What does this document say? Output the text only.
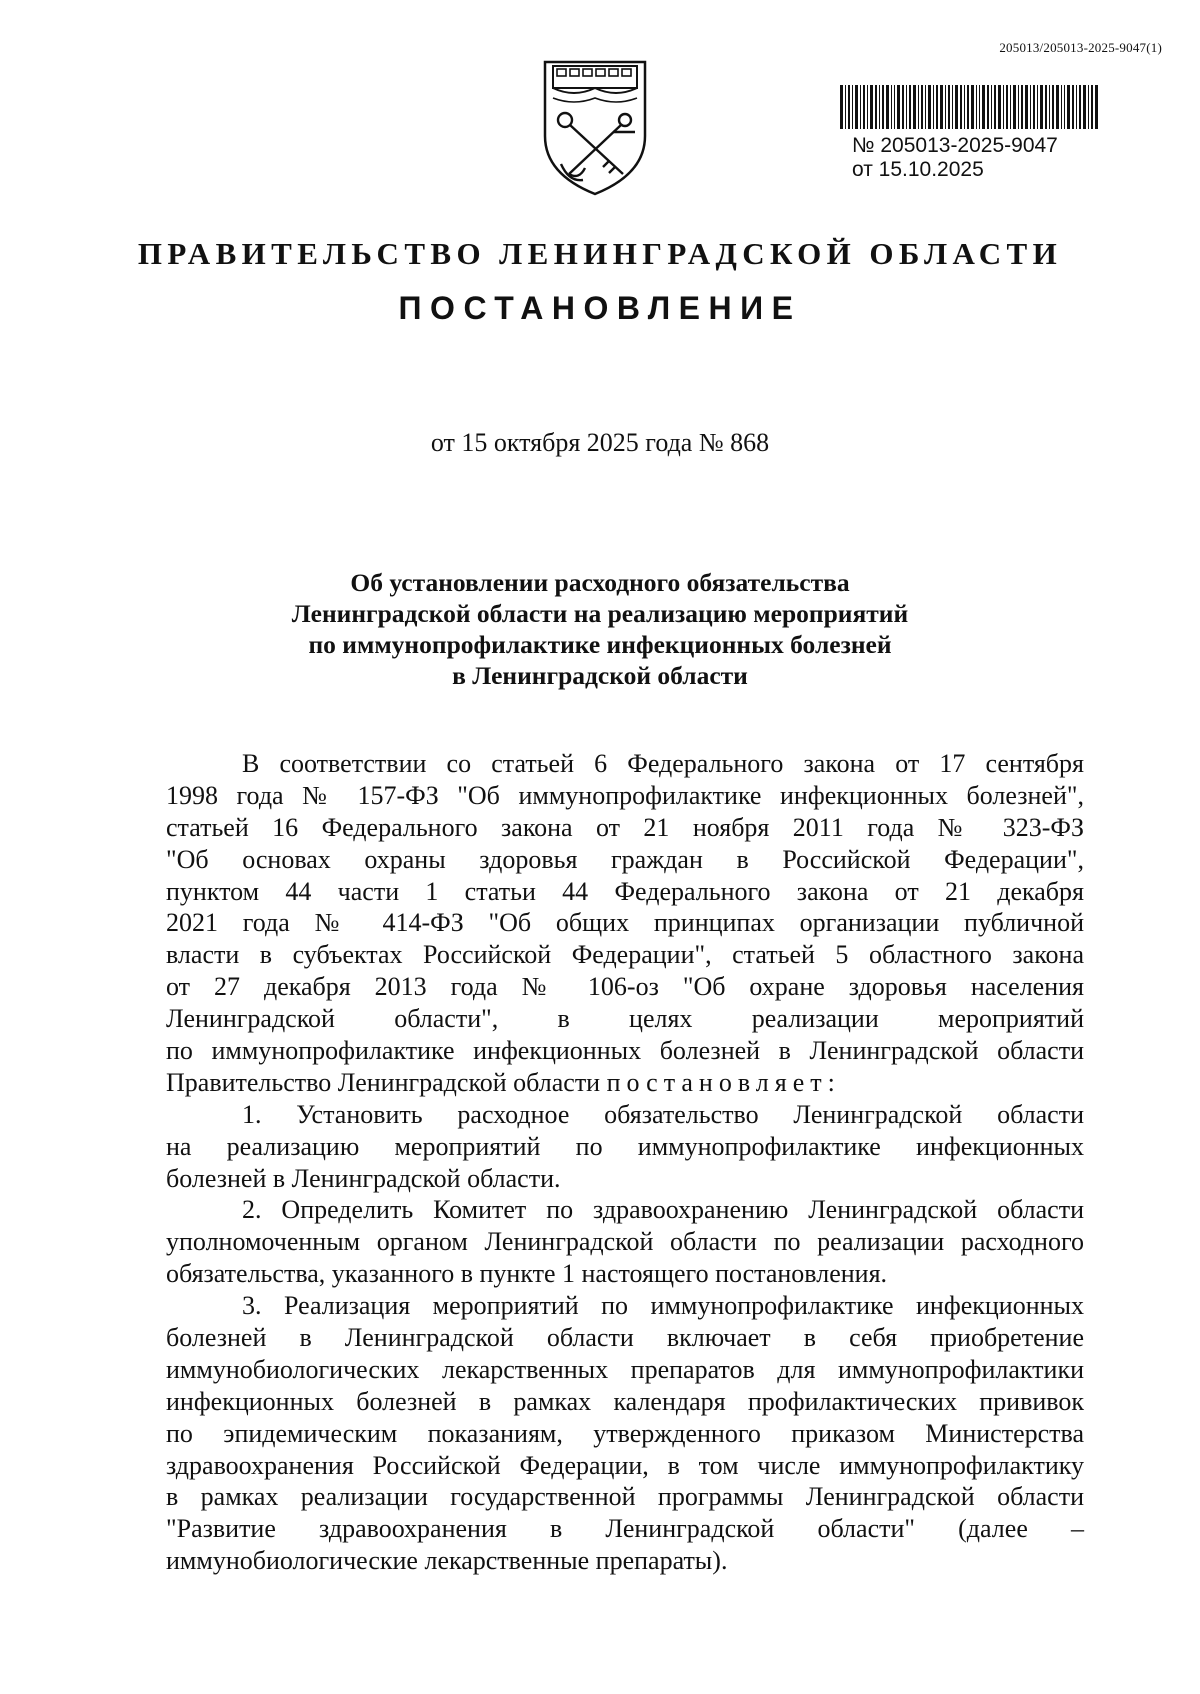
205013/205013-2025-9047(1)
№ 205013-2025-9047
от 15.10.2025
ПРАВИТЕЛЬСТВО ЛЕНИНГРАДСКОЙ ОБЛАСТИ
ПОСТАНОВЛЕНИЕ
от 15 октября 2025 года № 868
Об установлении расходного обязательства
Ленинградской области на реализацию мероприятий
по иммунопрофилактике инфекционных болезней
в Ленинградской области
В соответствии со статьей 6 Федерального закона от 17 сентября
1998 года № 157-ФЗ "Об иммунопрофилактике инфекционных болезней",
статьей 16 Федерального закона от 21 ноября 2011 года № 323-ФЗ
"Об основах охраны здоровья граждан в Российской Федерации",
пунктом 44 части 1 статьи 44 Федерального закона от 21 декабря
2021 года № 414-ФЗ "Об общих принципах организации публичной
власти в субъектах Российской Федерации", статьей 5 областного закона
от 27 декабря 2013 года № 106-оз "Об охране здоровья населения
Ленинградской области", в целях реализации мероприятий
по иммунопрофилактике инфекционных болезней в Ленинградской области
Правительство Ленинградской области постановляет:
1. Установить расходное обязательство Ленинградской области
на реализацию мероприятий по иммунопрофилактике инфекционных
болезней в Ленинградской области.
2. Определить Комитет по здравоохранению Ленинградской области
уполномоченным органом Ленинградской области по реализации расходного
обязательства, указанного в пункте 1 настоящего постановления.
3. Реализация мероприятий по иммунопрофилактике инфекционных
болезней в Ленинградской области включает в себя приобретение
иммунобиологических лекарственных препаратов для иммунопрофилактики
инфекционных болезней в рамках календаря профилактических прививок
по эпидемическим показаниям, утвержденного приказом Министерства
здравоохранения Российской Федерации, в том числе иммунопрофилактику
в рамках реализации государственной программы Ленинградской области
"Развитие здравоохранения в Ленинградской области" (далее –
иммунобиологические лекарственные препараты).
